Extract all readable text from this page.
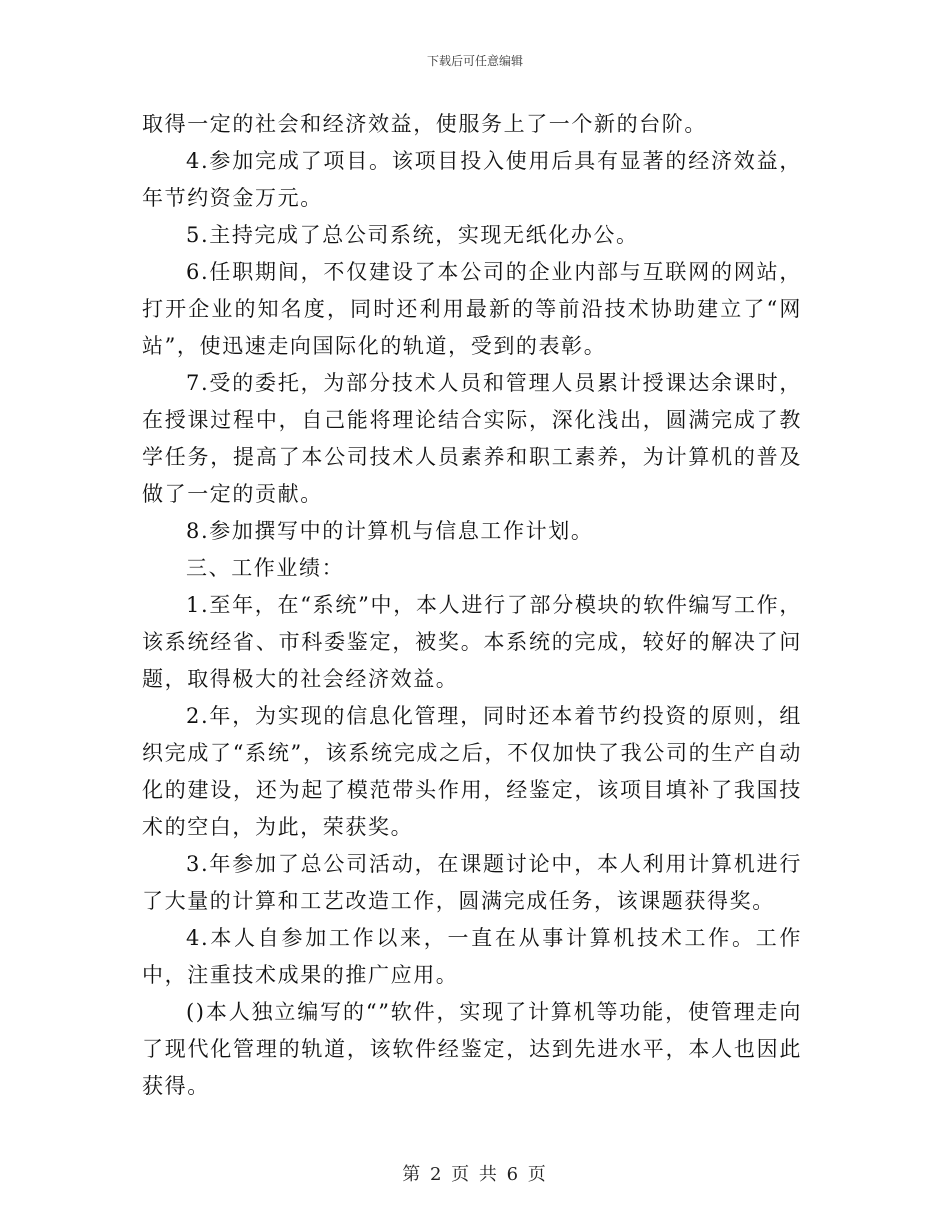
下载后可任意编辑

取得一定的社会和经济效益，使服务上了一个新的台阶。

4.参加完成了项目。该项目投入使用后具有显著的经济效益，年节约资金万元。

5.主持完成了总公司系统，实现无纸化办公。

6.任职期间，不仅建设了本公司的企业内部与互联网的网站，打开企业的知名度，同时还利用最新的等前沿技术协助建立了“网站”，使迅速走向国际化的轨道，受到的表彰。

7.受的委托，为部分技术人员和管理人员累计授课达余课时，在授课过程中，自己能将理论结合实际，深化浅出，圆满完成了教学任务，提高了本公司技术人员素养和职工素养，为计算机的普及做了一定的贡献。

8.参加撰写中的计算机与信息工作计划。

三、工作业绩：

1.至年，在“系统”中，本人进行了部分模块的软件编写工作，该系统经省、市科委鉴定，被奖。本系统的完成，较好的解决了问题，取得极大的社会经济效益。

2.年，为实现的信息化管理，同时还本着节约投资的原则，组织完成了“系统”，该系统完成之后，不仅加快了我公司的生产自动化的建设，还为起了模范带头作用，经鉴定，该项目填补了我国技术的空白，为此，荣获奖。

3.年参加了总公司活动，在课题讨论中，本人利用计算机进行了大量的计算和工艺改造工作，圆满完成任务，该课题获得奖。

4.本人自参加工作以来，一直在从事计算机技术工作。工作中，注重技术成果的推广应用。

()本人独立编写的“”软件，实现了计算机等功能，使管理走向了现代化管理的轨道，该软件经鉴定，达到先进水平，本人也因此获得。

第 2 页 共 6 页
